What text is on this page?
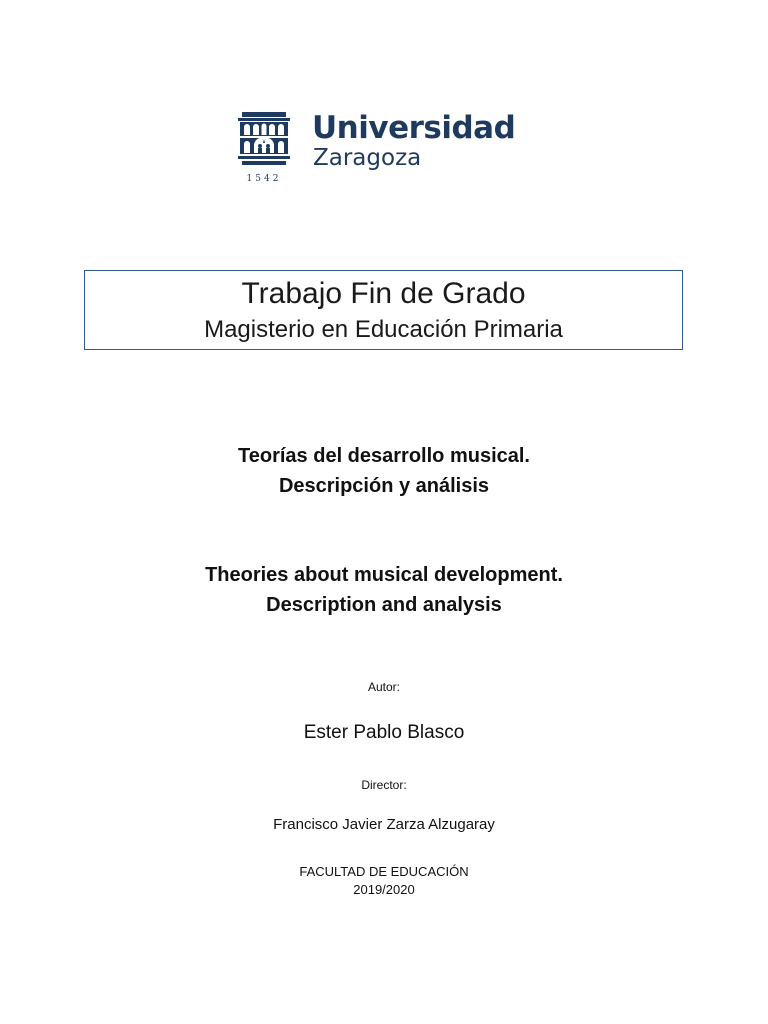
1542
Universidad
Zaragoza
Trabajo Fin de Grado
Magisterio en Educación Primaria
Teorías del desarrollo musical.
Descripción y análisis
Theories about musical development.
Description and analysis
Autor:
Ester Pablo Blasco
Director:
Francisco Javier Zarza Alzugaray
FACULTAD DE EDUCACIÓN
2019/2020
